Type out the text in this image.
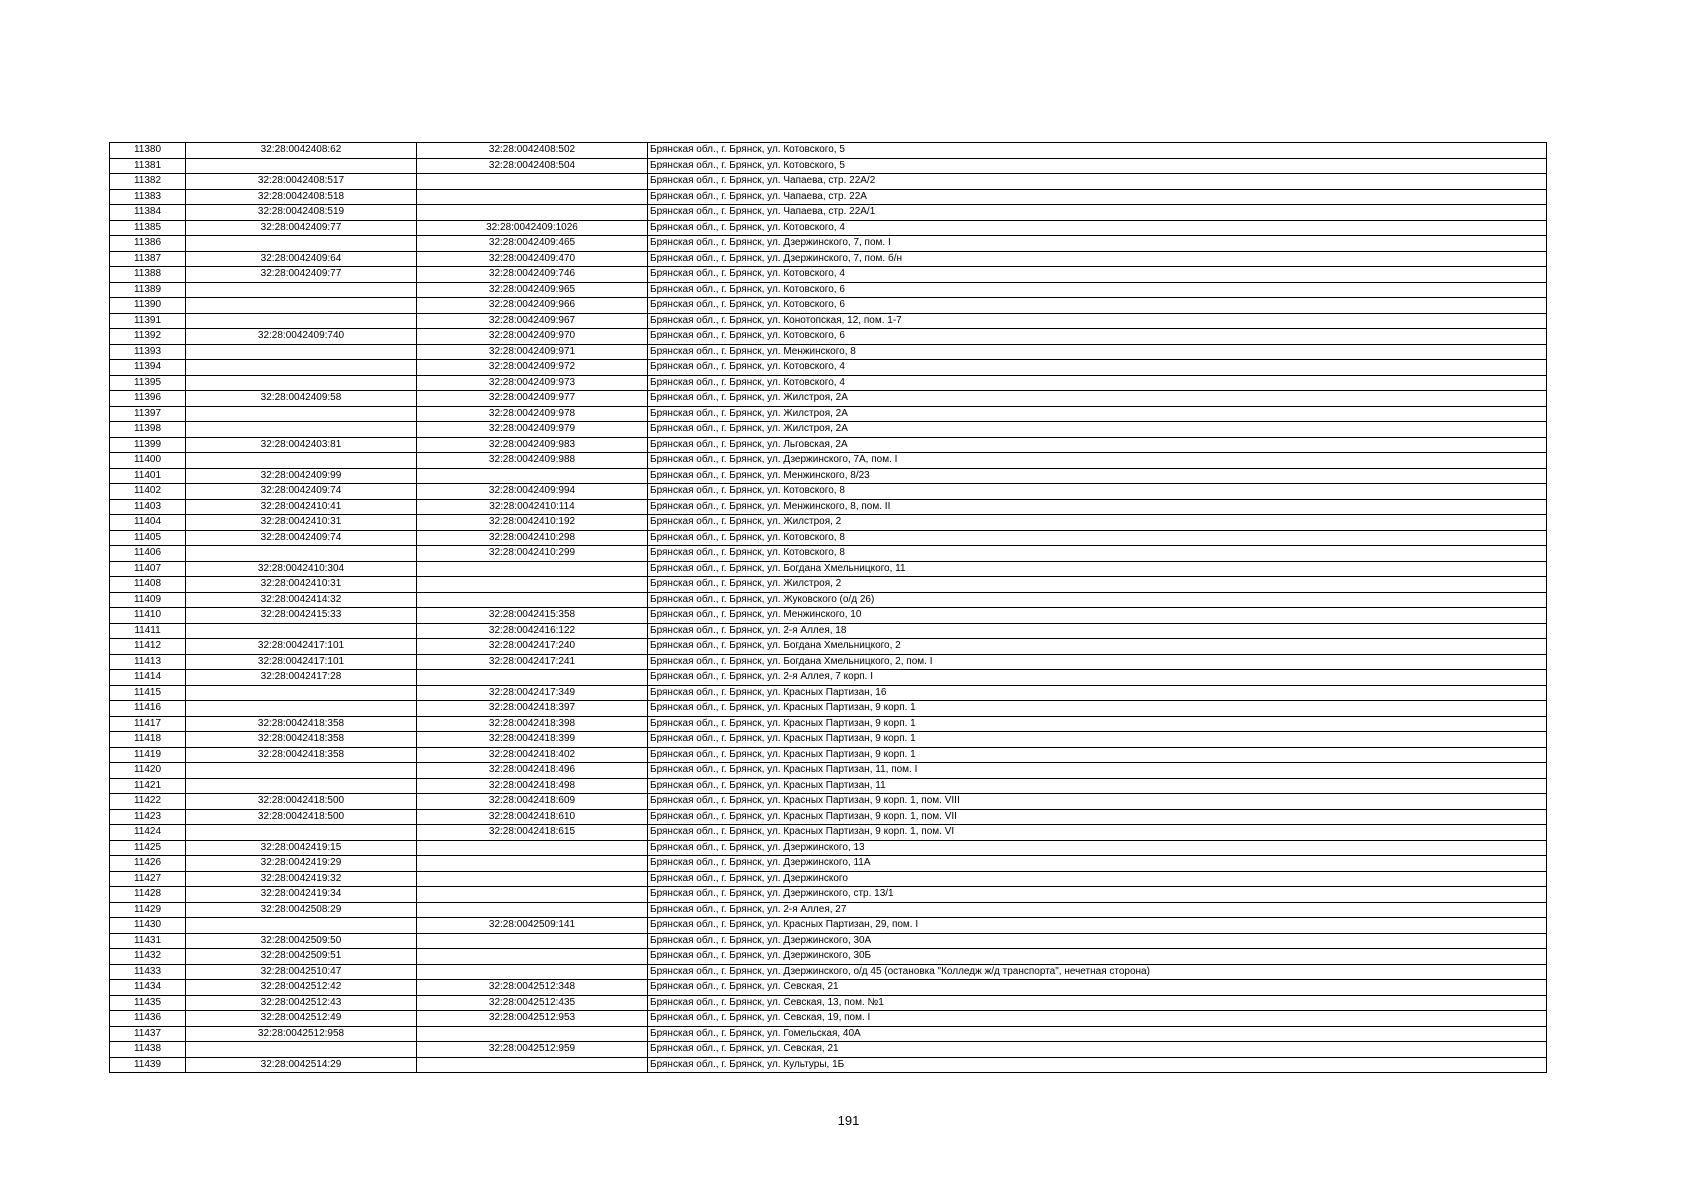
11380	32:28:0042408:62	32:28:0042408:502	Брянская обл., г. Брянск, ул. Котовского, 5
11381		32:28:0042408:504	Брянская обл., г. Брянск, ул. Котовского, 5
11382	32:28:0042408:517		Брянская обл., г. Брянск, ул. Чапаева, стр. 22А/2
11383	32:28:0042408:518		Брянская обл., г. Брянск, ул. Чапаева, стр. 22А
11384	32:28:0042408:519		Брянская обл., г. Брянск, ул. Чапаева, стр. 22А/1
11385	32:28:0042409:77	32:28:0042409:1026	Брянская обл., г. Брянск, ул. Котовского, 4
11386		32:28:0042409:465	Брянская обл., г. Брянск, ул. Дзержинского, 7, пом. I
11387	32:28:0042409:64	32:28:0042409:470	Брянская обл., г. Брянск, ул. Дзержинского, 7, пом. б/н
11388	32:28:0042409:77	32:28:0042409:746	Брянская обл., г. Брянск, ул. Котовского, 4
11389		32:28:0042409:965	Брянская обл., г. Брянск, ул. Котовского, 6
11390		32:28:0042409:966	Брянская обл., г. Брянск, ул. Котовского, 6
11391		32:28:0042409:967	Брянская обл., г. Брянск, ул. Конотопская, 12, пом. 1-7
11392	32:28:0042409:740	32:28:0042409:970	Брянская обл., г. Брянск, ул. Котовского, 6
11393		32:28:0042409:971	Брянская обл., г. Брянск, ул. Менжинского, 8
11394		32:28:0042409:972	Брянская обл., г. Брянск, ул. Котовского, 4
11395		32:28:0042409:973	Брянская обл., г. Брянск, ул. Котовского, 4
11396	32:28:0042409:58	32:28:0042409:977	Брянская обл., г. Брянск, ул. Жилстроя, 2А
11397		32:28:0042409:978	Брянская обл., г. Брянск, ул. Жилстроя, 2А
11398		32:28:0042409:979	Брянская обл., г. Брянск, ул. Жилстроя, 2А
11399	32:28:0042403:81	32:28:0042409:983	Брянская обл., г. Брянск, ул. Льговская, 2А
11400		32:28:0042409:988	Брянская обл., г. Брянск, ул. Дзержинского, 7А, пом. I
11401	32:28:0042409:99		Брянская обл., г. Брянск, ул. Менжинского, 8/23
11402	32:28:0042409:74	32:28:0042409:994	Брянская обл., г. Брянск, ул. Котовского, 8
11403	32:28:0042410:41	32:28:0042410:114	Брянская обл., г. Брянск, ул. Менжинского, 8, пом. II
11404	32:28:0042410:31	32:28:0042410:192	Брянская обл., г. Брянск, ул. Жилстроя, 2
11405	32:28:0042409:74	32:28:0042410:298	Брянская обл., г. Брянск, ул. Котовского, 8
11406		32:28:0042410:299	Брянская обл., г. Брянск, ул. Котовского, 8
11407	32:28:0042410:304		Брянская обл., г. Брянск, ул. Богдана Хмельницкого, 11
11408	32:28:0042410:31		Брянская обл., г. Брянск, ул. Жилстроя, 2
11409	32:28:0042414:32		Брянская обл., г. Брянск, ул. Жуковского (о/д 26)
11410	32:28:0042415:33	32:28:0042415:358	Брянская обл., г. Брянск, ул. Менжинского, 10
11411		32:28:0042416:122	Брянская обл., г. Брянск, ул. 2-я Аллея, 18
11412	32:28:0042417:101	32:28:0042417:240	Брянская обл., г. Брянск, ул. Богдана Хмельницкого, 2
11413	32:28:0042417:101	32:28:0042417:241	Брянская обл., г. Брянск, ул. Богдана Хмельницкого, 2, пом. I
11414	32:28:0042417:28		Брянская обл., г. Брянск, ул. 2-я Аллея, 7 корп. I
11415		32:28:0042417:349	Брянская обл., г. Брянск, ул. Красных Партизан, 16
11416		32:28:0042418:397	Брянская обл., г. Брянск, ул. Красных Партизан, 9 корп. 1
11417	32:28:0042418:358	32:28:0042418:398	Брянская обл., г. Брянск, ул. Красных Партизан, 9 корп. 1
11418	32:28:0042418:358	32:28:0042418:399	Брянская обл., г. Брянск, ул. Красных Партизан, 9 корп. 1
11419	32:28:0042418:358	32:28:0042418:402	Брянская обл., г. Брянск, ул. Красных Партизан, 9 корп. 1
11420		32:28:0042418:496	Брянская обл., г. Брянск, ул. Красных Партизан, 11, пом. I
11421		32:28:0042418:498	Брянская обл., г. Брянск, ул. Красных Партизан, 11
11422	32:28:0042418:500	32:28:0042418:609	Брянская обл., г. Брянск, ул. Красных Партизан, 9 корп. 1, пом. VIII
11423	32:28:0042418:500	32:28:0042418:610	Брянская обл., г. Брянск, ул. Красных Партизан, 9 корп. 1, пом. VII
11424		32:28:0042418:615	Брянская обл., г. Брянск, ул. Красных Партизан, 9 корп. 1, пом. VI
11425	32:28:0042419:15		Брянская обл., г. Брянск, ул. Дзержинского, 13
11426	32:28:0042419:29		Брянская обл., г. Брянск, ул. Дзержинского, 11А
11427	32:28:0042419:32		Брянская обл., г. Брянск, ул. Дзержинского
11428	32:28:0042419:34		Брянская обл., г. Брянск, ул. Дзержинского, стр. 13/1
11429	32:28:0042508:29		Брянская обл., г. Брянск, ул. 2-я Аллея, 27
11430		32:28:0042509:141	Брянская обл., г. Брянск, ул. Красных Партизан, 29, пом. I
11431	32:28:0042509:50		Брянская обл., г. Брянск, ул. Дзержинского, 30А
11432	32:28:0042509:51		Брянская обл., г. Брянск, ул. Дзержинского, 30Б
11433	32:28:0042510:47		Брянская обл., г. Брянск, ул. Дзержинского, о/д 45 (остановка "Колледж ж/д транспорта", нечетная сторона)
11434	32:28:0042512:42	32:28:0042512:348	Брянская обл., г. Брянск, ул. Севская, 21
11435	32:28:0042512:43	32:28:0042512:435	Брянская обл., г. Брянск, ул. Севская, 13, пом. №1
11436	32:28:0042512:49	32:28:0042512:953	Брянская обл., г. Брянск, ул. Севская, 19, пом. I
11437	32:28:0042512:958		Брянская обл., г. Брянск, ул. Гомельская, 40А
11438		32:28:0042512:959	Брянская обл., г. Брянск, ул. Севская, 21
11439	32:28:0042514:29		Брянская обл., г. Брянск, ул. Культуры, 1Б
191
